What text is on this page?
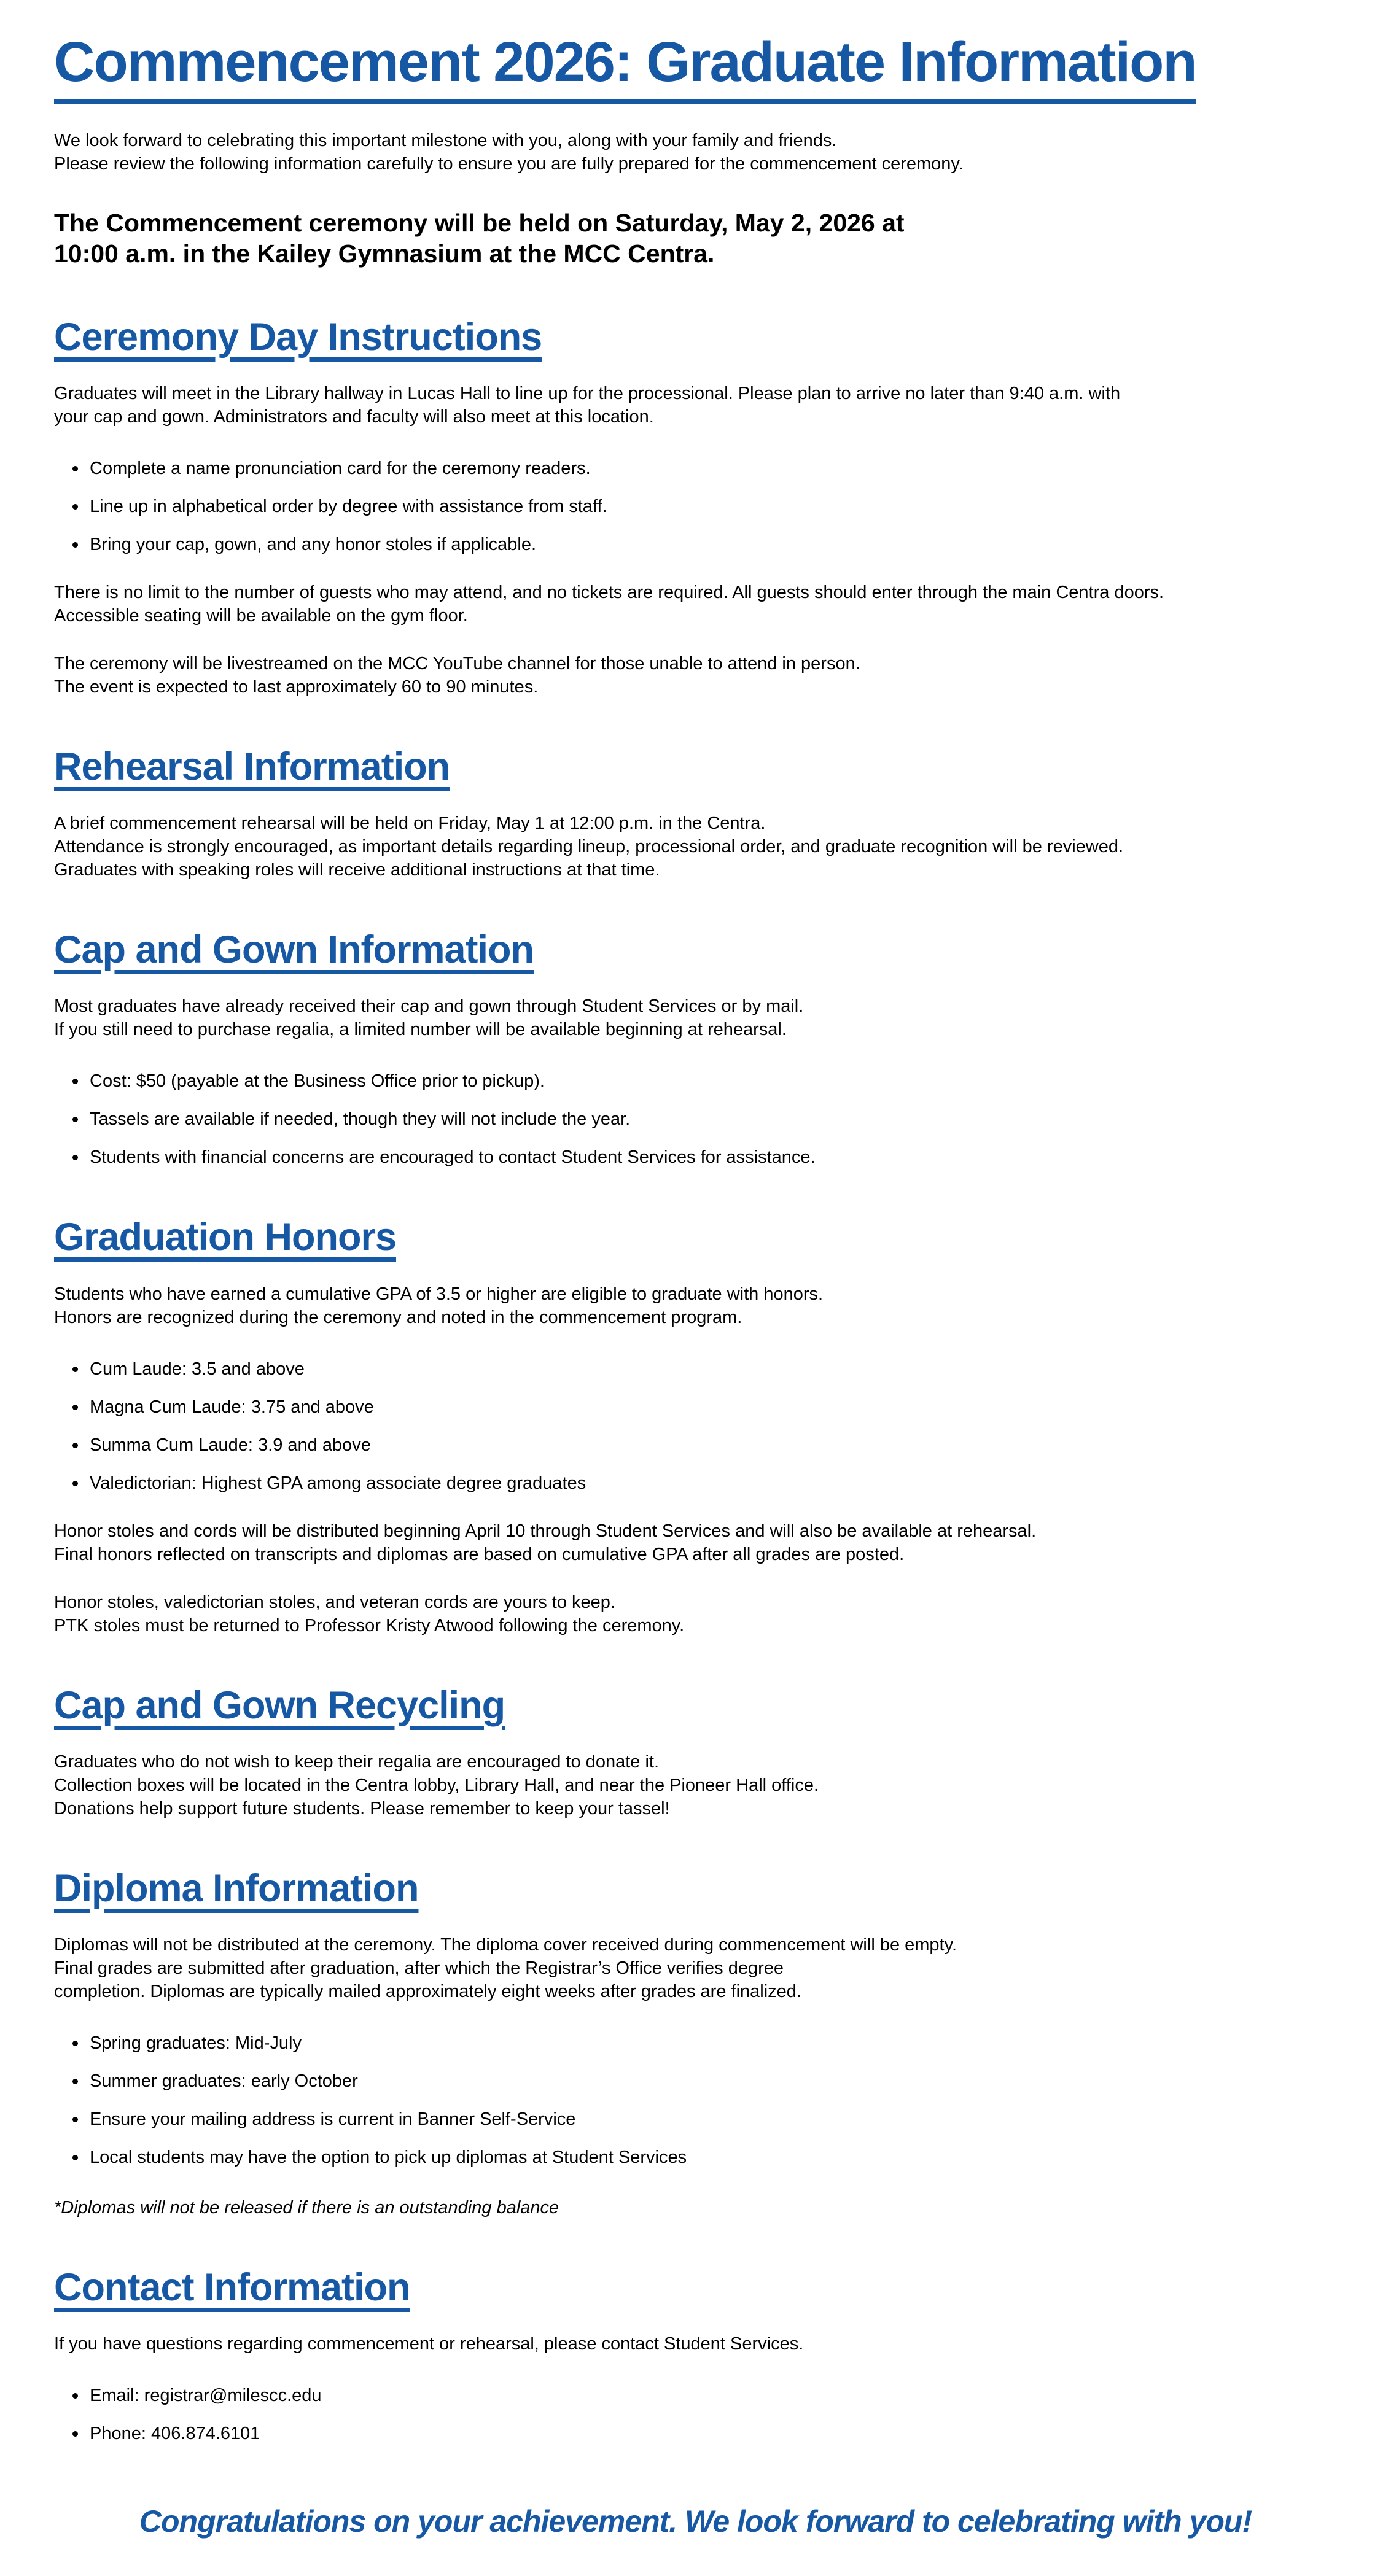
Commencement 2026: Graduate Information

We look forward to celebrating this important milestone with you, along with your family and friends.
Please review the following information carefully to ensure you are fully prepared for the commencement ceremony.

The Commencement ceremony will be held on Saturday, May 2, 2026 at
10:00 a.m. in the Kailey Gymnasium at the MCC Centra.

Ceremony Day Instructions

Graduates will meet in the Library hallway in Lucas Hall to line up for the processional. Please plan to arrive no later than 9:40 a.m. with
your cap and gown. Administrators and faculty will also meet at this location.

Complete a name pronunciation card for the ceremony readers.
Line up in alphabetical order by degree with assistance from staff.
Bring your cap, gown, and any honor stoles if applicable.

There is no limit to the number of guests who may attend, and no tickets are required. All guests should enter through the main Centra doors.
Accessible seating will be available on the gym floor.

The ceremony will be livestreamed on the MCC YouTube channel for those unable to attend in person.
The event is expected to last approximately 60 to 90 minutes.

Rehearsal Information

A brief commencement rehearsal will be held on Friday, May 1 at 12:00 p.m. in the Centra.
Attendance is strongly encouraged, as important details regarding lineup, processional order, and graduate recognition will be reviewed.
Graduates with speaking roles will receive additional instructions at that time.

Cap and Gown Information

Most graduates have already received their cap and gown through Student Services or by mail.
If you still need to purchase regalia, a limited number will be available beginning at rehearsal.

Cost: $50 (payable at the Business Office prior to pickup).
Tassels are available if needed, though they will not include the year.
Students with financial concerns are encouraged to contact Student Services for assistance.
Graduation Honors

Students who have earned a cumulative GPA of 3.5 or higher are eligible to graduate with honors.
Honors are recognized during the ceremony and noted in the commencement program.

Cum Laude: 3.5 and above
Magna Cum Laude: 3.75 and above
Summa Cum Laude: 3.9 and above
Valedictorian: Highest GPA among associate degree graduates

Honor stoles and cords will be distributed beginning April 10 through Student Services and will also be available at rehearsal.
Final honors reflected on transcripts and diplomas are based on cumulative GPA after all grades are posted.

Honor stoles, valedictorian stoles, and veteran cords are yours to keep.
PTK stoles must be returned to Professor Kristy Atwood following the ceremony.

Cap and Gown Recycling

Graduates who do not wish to keep their regalia are encouraged to donate it.
Collection boxes will be located in the Centra lobby, Library Hall, and near the Pioneer Hall office.
Donations help support future students. Please remember to keep your tassel!

Diploma Information

Diplomas will not be distributed at the ceremony. The diploma cover received during commencement will be empty.
Final grades are submitted after graduation, after which the Registrar’s Office verifies degree
completion. Diplomas are typically mailed approximately eight weeks after grades are finalized.

Spring graduates: Mid-July
Summer graduates: early October
Ensure your mailing address is current in Banner Self-Service
Local students may have the option to pick up diplomas at Student Services

*Diplomas will not be released if there is an outstanding balance

Contact Information

If you have questions regarding commencement or rehearsal, please contact Student Services.

Email: registrar@milescc.edu
Phone: 406.874.6101
Congratulations on your achievement. We look forward to celebrating with you!
